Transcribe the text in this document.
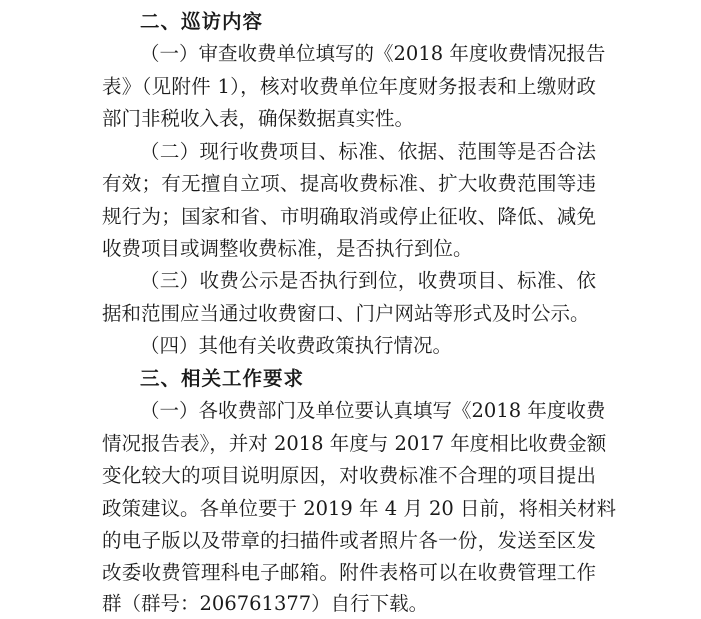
二、巡访内容
（一）审查收费单位填写的《2018 年度收费情况报告
表》（见附件 1），核对收费单位年度财务报表和上缴财政
部门非税收入表，确保数据真实性。
（二）现行收费项目、标准、依据、范围等是否合法
有效；有无擅自立项、提高收费标准、扩大收费范围等违
规行为；国家和省、市明确取消或停止征收、降低、减免
收费项目或调整收费标准，是否执行到位。
（三）收费公示是否执行到位，收费项目、标准、依
据和范围应当通过收费窗口、门户网站等形式及时公示。
（四）其他有关收费政策执行情况。
三、相关工作要求
（一）各收费部门及单位要认真填写《2018 年度收费
情况报告表》，并对 2018 年度与 2017 年度相比收费金额
变化较大的项目说明原因，对收费标准不合理的项目提出
政策建议。各单位要于 2019 年 4 月 20 日前，将相关材料
的电子版以及带章的扫描件或者照片各一份，发送至区发
改委收费管理科电子邮箱。附件表格可以在收费管理工作
群（群号：206761377）自行下载。
